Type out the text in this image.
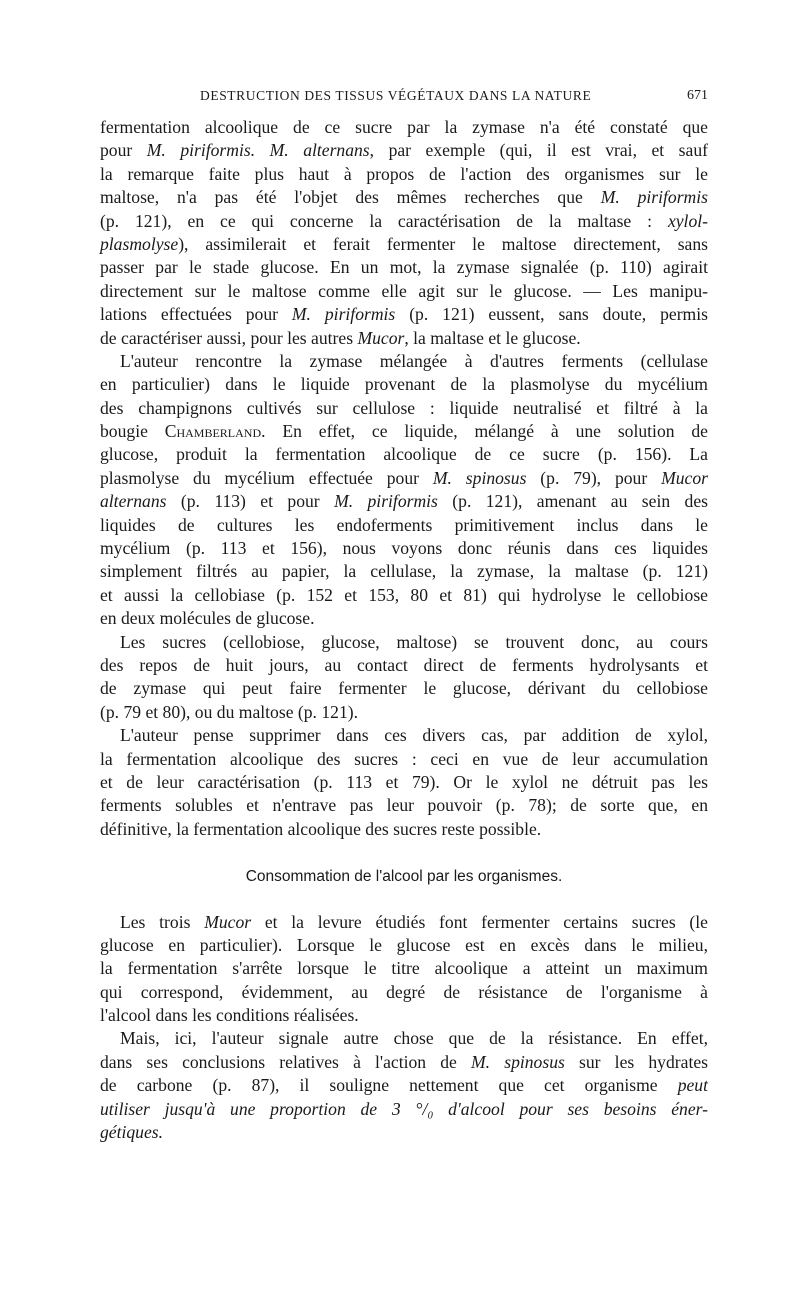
DESTRUCTION DES TISSUS VÉGÉTAUX DANS LA NATURE	671
fermentation alcoolique de ce sucre par la zymase n'a été constaté que
pour M. piriformis. M. alternans, par exemple (qui, il est vrai, et sauf
la remarque faite plus haut à propos de l'action des organismes sur le
maltose, n'a pas été l'objet des mêmes recherches que M. piriformis
(p. 121), en ce qui concerne la caractérisation de la maltase : xylol-
plasmolyse), assimilerait et ferait fermenter le maltose directement, sans
passer par le stade glucose. En un mot, la zymase signalée (p. 110) agirait
directement sur le maltose comme elle agit sur le glucose. — Les manipu-
lations effectuées pour M. piriformis (p. 121) eussent, sans doute, permis
de caractériser aussi, pour les autres Mucor, la maltase et le glucose.
L'auteur rencontre la zymase mélangée à d'autres ferments (cellulase
en particulier) dans le liquide provenant de la plasmolyse du mycélium
des champignons cultivés sur cellulose : liquide neutralisé et filtré à la
bougie Chamberland. En effet, ce liquide, mélangé à une solution de
glucose, produit la fermentation alcoolique de ce sucre (p. 156). La
plasmolyse du mycélium effectuée pour M. spinosus (p. 79), pour Mucor
alternans (p. 113) et pour M. piriformis (p. 121), amenant au sein des
liquides de cultures les endoferments primitivement inclus dans le
mycélium (p. 113 et 156), nous voyons donc réunis dans ces liquides
simplement filtrés au papier, la cellulase, la zymase, la maltase (p. 121)
et aussi la cellobiase (p. 152 et 153, 80 et 81) qui hydrolyse le cellobiose
en deux molécules de glucose.
Les sucres (cellobiose, glucose, maltose) se trouvent donc, au cours
des repos de huit jours, au contact direct de ferments hydrolysants et
de zymase qui peut faire fermenter le glucose, dérivant du cellobiose
(p. 79 et 80), ou du maltose (p. 121).
L'auteur pense supprimer dans ces divers cas, par addition de xylol,
la fermentation alcoolique des sucres : ceci en vue de leur accumulation
et de leur caractérisation (p. 113 et 79). Or le xylol ne détruit pas les
ferments solubles et n'entrave pas leur pouvoir (p. 78); de sorte que, en
définitive, la fermentation alcoolique des sucres reste possible.
Consommation de l'alcool par les organismes.
Les trois Mucor et la levure étudiés font fermenter certains sucres (le
glucose en particulier). Lorsque le glucose est en excès dans le milieu,
la fermentation s'arrête lorsque le titre alcoolique a atteint un maximum
qui correspond, évidemment, au degré de résistance de l'organisme à
l'alcool dans les conditions réalisées.
Mais, ici, l'auteur signale autre chose que de la résistance. En effet,
dans ses conclusions relatives à l'action de M. spinosus sur les hydrates
de carbone (p. 87), il souligne nettement que cet organisme peut
utiliser jusqu'à une proportion de 3 °/₀ d'alcool pour ses besoins éner-
gétiques.
